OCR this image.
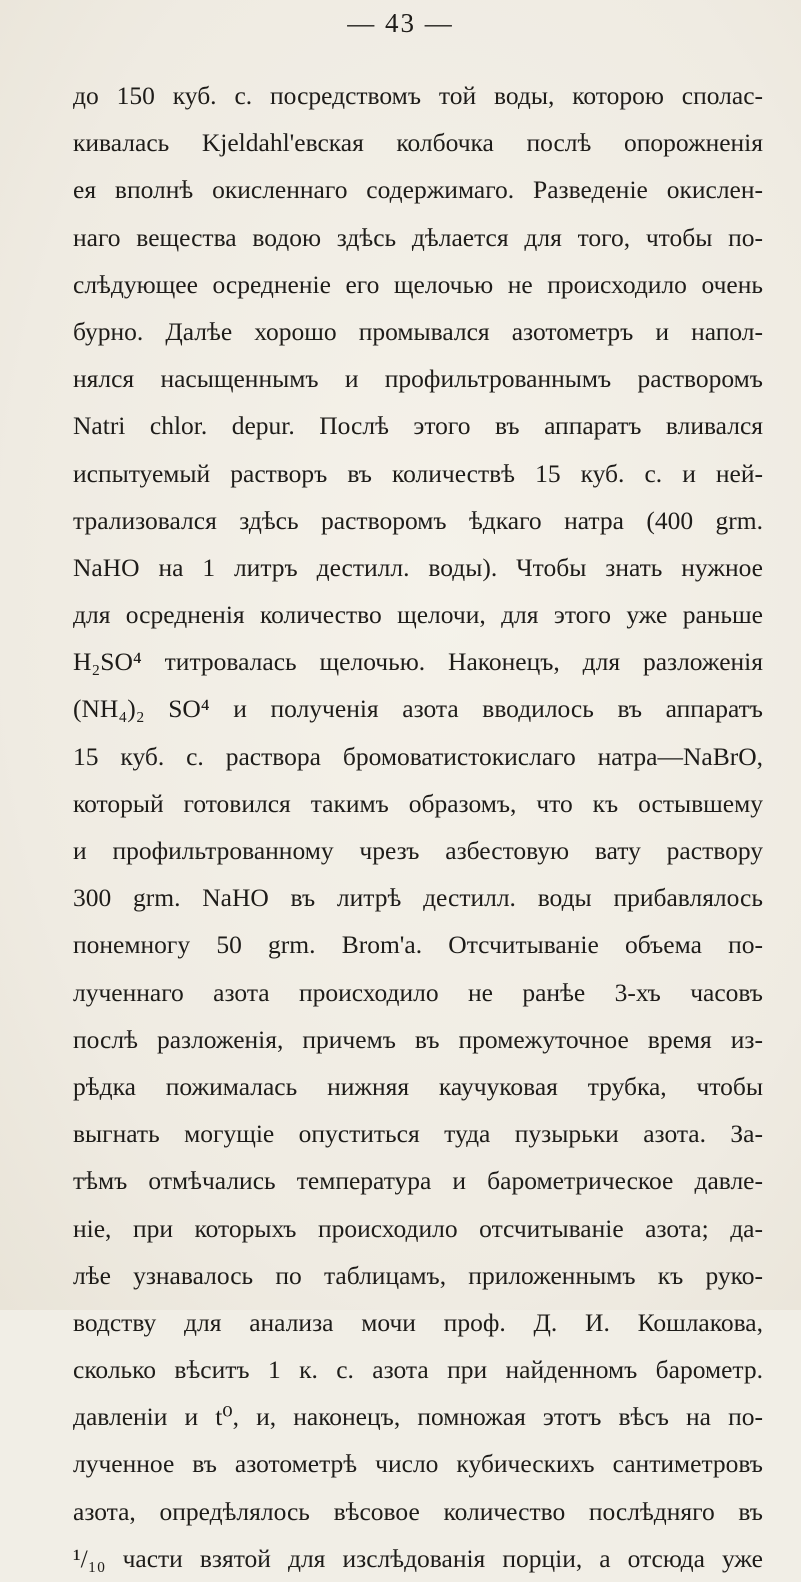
— 43 —
до 150 куб. с. посредствомъ той воды, которою сполас-
кивалась Kjeldahl'евская колбочка послѣ опорожненія
ея вполнѣ окисленнаго содержимаго. Разведеніе окислен-
наго вещества водою здѣсь дѣлается для того, чтобы по-
слѣдующее осредненіе его щелочью не происходило очень
бурно. Далѣе хорошо промывался азотометръ и напол-
нялся насыщеннымъ и профильтрованнымъ растворомъ
Natri chlor. depur. Послѣ этого въ аппаратъ вливался
испытуемый растворъ въ количествѣ 15 куб. с. и ней-
трализовался здѣсь растворомъ ѣдкаго натра (400 grm.
NaHO на 1 литръ дестилл. воды). Чтобы знать нужное
для осредненія количество щелочи, для этого уже раньше
H₂SO⁴ титровалась щелочью. Наконецъ, для разложенія
(NH₄)₂ SO⁴ и полученія азота вводилось въ аппаратъ
15 куб. с. раствора бромоватистокислаго натра—NaBrO,
который готовился такимъ образомъ, что къ остывшему
и профильтрованному чрезъ азбестовую вату раствору
300 grm. NaHO въ литрѣ дестилл. воды прибавлялось
понемногу 50 grm. Brom'а. Отсчитываніе объема по-
лученнаго азота происходило не ранѣе 3-хъ часовъ
послѣ разложенія, причемъ въ промежуточное время из-
рѣдка пожималась нижняя каучуковая трубка, чтобы
выгнать могущіе опуститься туда пузырьки азота. За-
тѣмъ отмѣчались температура и барометрическое давле-
ніе, при которыхъ происходило отсчитываніе азота; да-
лѣе узнавалось по таблицамъ, приложеннымъ къ руко-
водству для анализа мочи проф. Д. И. Кошлакова,
сколько вѣситъ 1 к. с. азота при найденномъ барометр.
давленіи и t⁰, и, наконецъ, помножая этотъ вѣсъ на по-
лученное въ азотометрѣ число кубическихъ сантиметровъ
азота, опредѣлялось вѣсовое количество послѣдняго въ
¹/₁₀ части взятой для изслѣдованія порціи, а отсюда уже
